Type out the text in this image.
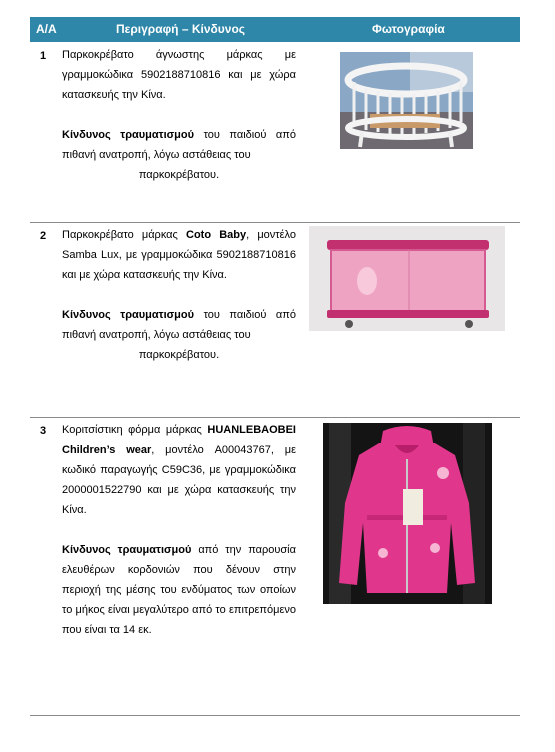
Α/Α	Περιγραφή – Κίνδυνος	Φωτογραφία
1 Παρκοκρέβατο άγνωστης μάρκας με γραμμοκώδικα 5902188710816 και με χώρα κατασκευής την Κίνα.

Κίνδυνος τραυματισμού του παιδιού από πιθανή ανατροπή, λόγω αστάθειας του

παρκοκρέβατου.

2 Παρκοκρέβατο μάρκας Coto Baby, μοντέλο Samba Lux, με γραμμοκώδικα 5902188710816 και με χώρα κατασκευής την Κίνα.

Κίνδυνος τραυματισμού του παιδιού από πιθανή ανατροπή, λόγω αστάθειας του

παρκοκρέβατου.

3 Κοριτσίστικη φόρμα μάρκας HUANLEBAOBEI Children’s wear, μοντέλο A00043767, με κωδικό παραγωγής C59C36, με γραμμοκώδικα 2000001522790 και με χώρα κατασκευής την Κίνα.

Κίνδυνος τραυματισμού από την παρουσία ελευθέρων κορδονιών που δένουν στην περιοχή της μέσης του ενδύματος των οποίων το μήκος είναι μεγαλύτερο από το επιτρεπόμενο που είναι τα 14 εκ.
